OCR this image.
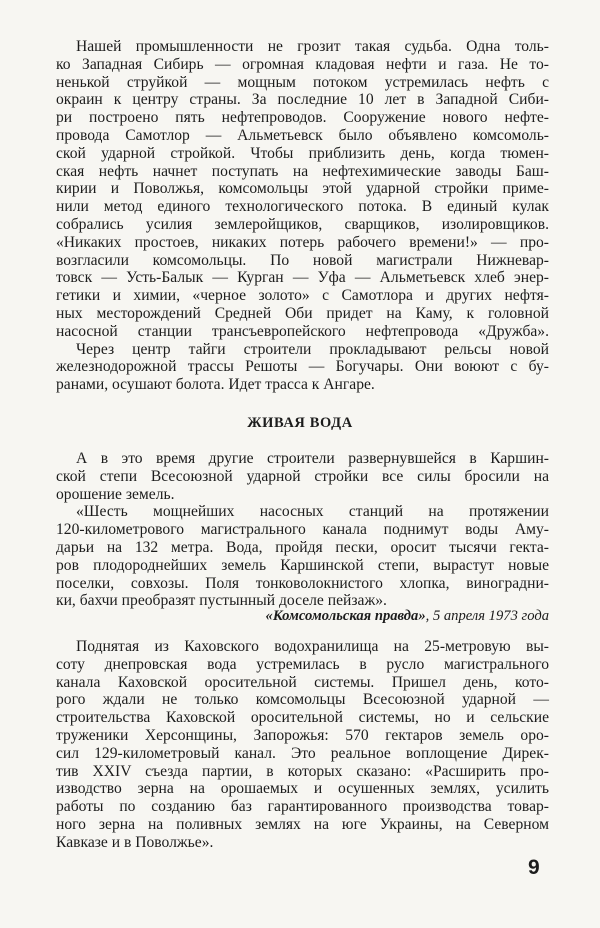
Поднятая из Каховского водохранилища на 25-метровую вы-
соту днепровская вода устремилась в русло магистрального
канала Каховской оросительной системы. Пришел день, кото-
рого ждали не только комсомольцы Всесоюзной ударной —
строительства Каховской оросительной системы, но и сельские
труженики Херсонщины, Запорожья: 570 гектаров земель оро-
сил 129-километровый канал. Это реальное воплощение Дирек-
тив XXIV съезда партии, в которых сказано: «Расширить про-
изводство зерна на орошаемых и осушенных землях, усилить
работы по созданию баз гарантированного производства товар-
ного зерна на поливных землях на юге Украины, на Северном
Кавказе и в Поволжье».
А в это время другие строители развернувшейся в Каршин-
ской степи Всесоюзной ударной стройки все силы бросили на
орошение земель.
«Шесть мощнейших насосных станций на протяжении
120-километрового магистрального канала поднимут воды Аму-
дарьи на 132 метра. Вода, пройдя пески, оросит тысячи гекта-
ров плодороднейших земель Каршинской степи, вырастут новые
поселки, совхозы. Поля тонковолокнистого хлопка, виноградни-
ки, бахчи преобразят пустынный доселе пейзаж».
Нашей промышленности не грозит такая судьба. Одна толь-
ко Западная Сибирь — огромная кладовая нефти и газа. Не то-
ненькой струйкой — мощным потоком устремилась нефть с
окраин к центру страны. За последние 10 лет в Западной Сиби-
ри построено пять нефтепроводов. Сооружение нового нефте-
провода Самотлор — Альметьевск было объявлено комсомоль-
ской ударной стройкой. Чтобы приблизить день, когда тюмен-
ская нефть начнет поступать на нефтехимические заводы Баш-
кирии и Поволжья, комсомольцы этой ударной стройки приме-
нили метод единого технологического потока. В единый кулак
собрались усилия землеройщиков, сварщиков, изолировщиков.
«Никаких простоев, никаких потерь рабочего времени!» — про-
возгласили комсомольцы. По новой магистрали Нижневар-
товск — Усть-Балык — Курган — Уфа — Альметьевск хлеб энер-
гетики и химии, «черное золото» с Самотлора и других нефтя-
ных месторождений Средней Оби придет на Каму, к головной
насосной станции трансъевропейского нефтепровода «Дружба».
Через центр тайги строители прокладывают рельсы новой
железнодорожной трассы Решоты — Богучары. Они воюют с бу-
ранами, осушают болота. Идет трасса к Ангаре.
ЖИВАЯ ВОДА
«Комсомольская правда», 5 апреля 1973 года
9
